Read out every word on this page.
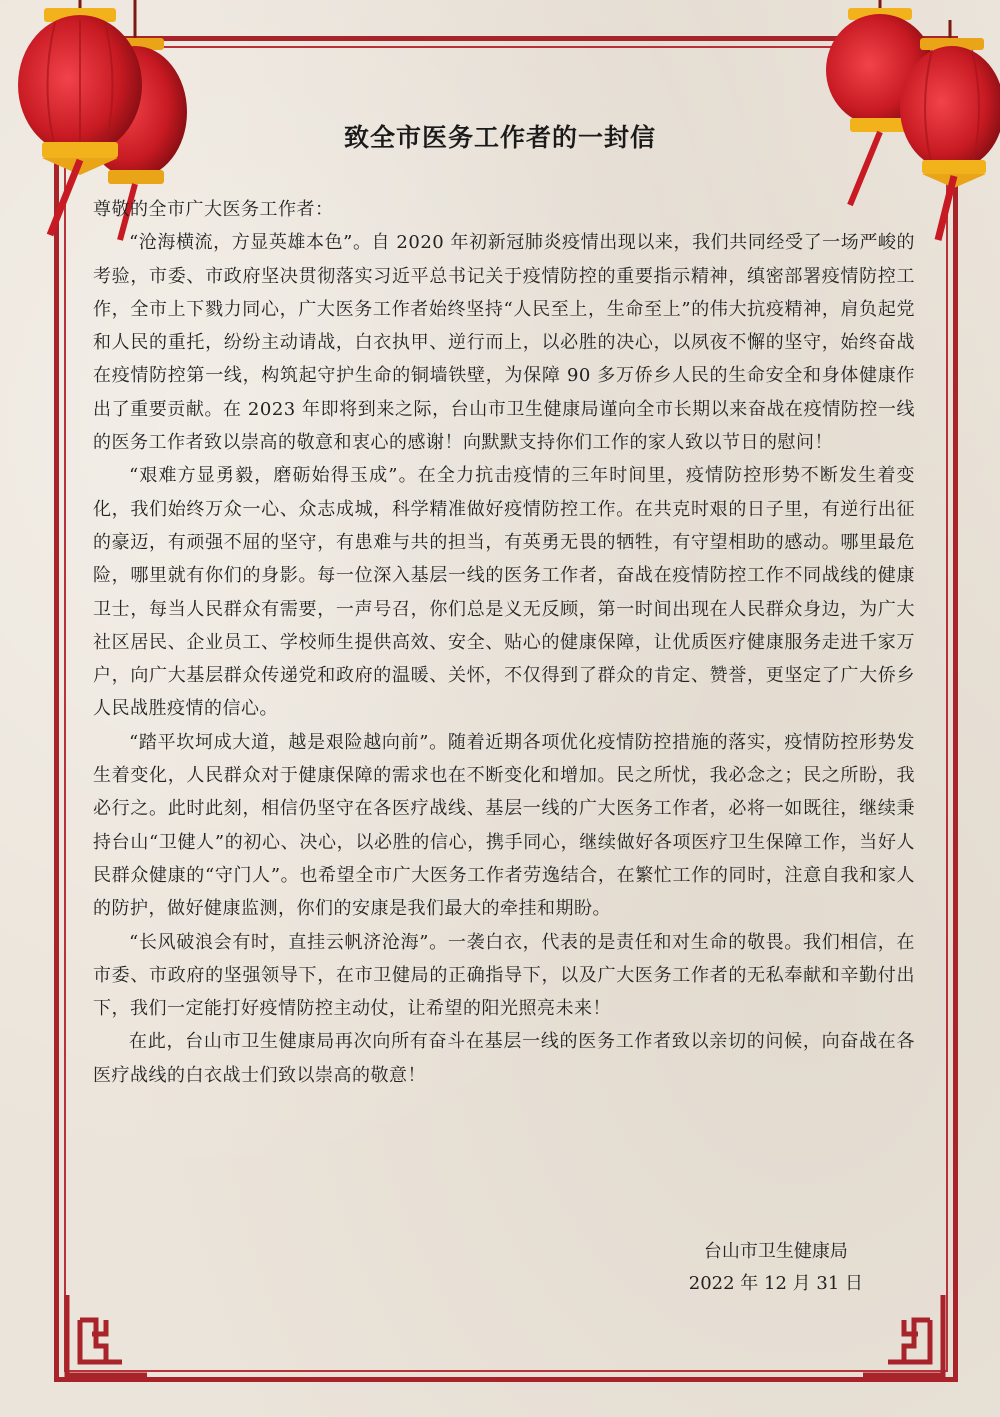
致全市医务工作者的一封信

尊敬的全市广大医务工作者：

“沧海横流，方显英雄本色”。自 2020 年初新冠肺炎疫情出现以来，我们共同经受了一场严峻的考验，市委、市政府坚决贯彻落实习近平总书记关于疫情防控的重要指示精神，缜密部署疫情防控工作，全市上下戮力同心，广大医务工作者始终坚持“人民至上，生命至上”的伟大抗疫精神，肩负起党和人民的重托，纷纷主动请战，白衣执甲、逆行而上，以必胜的决心，以夙夜不懈的坚守，始终奋战在疫情防控第一线，构筑起守护生命的铜墙铁壁，为保障 90 多万侨乡人民的生命安全和身体健康作出了重要贡献。在 2023 年即将到来之际，台山市卫生健康局谨向全市长期以来奋战在疫情防控一线的医务工作者致以崇高的敬意和衷心的感谢！向默默支持你们工作的家人致以节日的慰问！

“艰难方显勇毅，磨砺始得玉成”。在全力抗击疫情的三年时间里，疫情防控形势不断发生着变化，我们始终万众一心、众志成城，科学精准做好疫情防控工作。在共克时艰的日子里，有逆行出征的豪迈，有顽强不屈的坚守，有患难与共的担当，有英勇无畏的牺牲，有守望相助的感动。哪里最危险，哪里就有你们的身影。每一位深入基层一线的医务工作者，奋战在疫情防控工作不同战线的健康卫士，每当人民群众有需要，一声号召，你们总是义无反顾，第一时间出现在人民群众身边，为广大社区居民、企业员工、学校师生提供高效、安全、贴心的健康保障，让优质医疗健康服务走进千家万户，向广大基层群众传递党和政府的温暖、关怀，不仅得到了群众的肯定、赞誉，更坚定了广大侨乡人民战胜疫情的信心。

“踏平坎坷成大道，越是艰险越向前”。随着近期各项优化疫情防控措施的落实，疫情防控形势发生着变化，人民群众对于健康保障的需求也在不断变化和增加。民之所忧，我必念之；民之所盼，我必行之。此时此刻，相信仍坚守在各医疗战线、基层一线的广大医务工作者，必将一如既往，继续秉持台山“卫健人”的初心、决心，以必胜的信心，携手同心，继续做好各项医疗卫生保障工作，当好人民群众健康的“守门人”。也希望全市广大医务工作者劳逸结合，在繁忙工作的同时，注意自我和家人的防护，做好健康监测，你们的安康是我们最大的牵挂和期盼。

“长风破浪会有时，直挂云帆济沧海”。一袭白衣，代表的是责任和对生命的敬畏。我们相信，在市委、市政府的坚强领导下，在市卫健局的正确指导下，以及广大医务工作者的无私奉献和辛勤付出下，我们一定能打好疫情防控主动仗，让希望的阳光照亮未来！

在此，台山市卫生健康局再次向所有奋斗在基层一线的医务工作者致以亲切的问候，向奋战在各医疗战线的白衣战士们致以崇高的敬意！

台山市卫生健康局
2022 年 12 月 31 日
